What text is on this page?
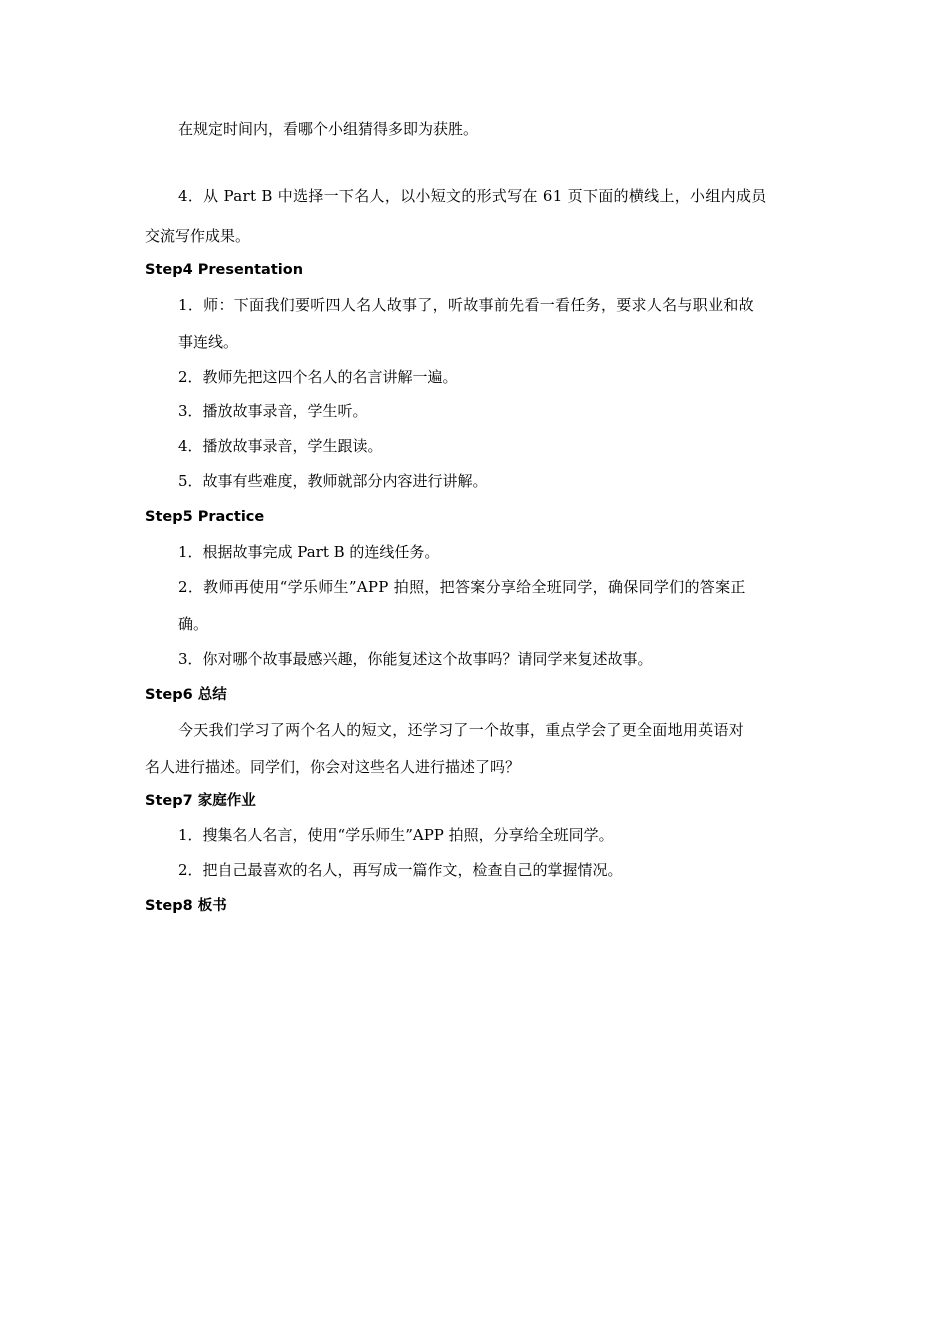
在规定时间内，看哪个小组猜得多即为获胜。
4．从 Part B 中选择一下名人，以小短文的形式写在 61 页下面的横线上，小组内成员
交流写作成果。
Step4 Presentation
1．师：下面我们要听四人名人故事了，听故事前先看一看任务，要求人名与职业和故
事连线。
2．教师先把这四个名人的名言讲解一遍。
3．播放故事录音，学生听。
4．播放故事录音，学生跟读。
5．故事有些难度，教师就部分内容进行讲解。
Step5 Practice
1．根据故事完成 Part B 的连线任务。
2．教师再使用“学乐师生”APP 拍照，把答案分享给全班同学，确保同学们的答案正
确。
3．你对哪个故事最感兴趣，你能复述这个故事吗？请同学来复述故事。
Step6 总结
今天我们学习了两个名人的短文，还学习了一个故事，重点学会了更全面地用英语对
名人进行描述。同学们，你会对这些名人进行描述了吗？
Step7 家庭作业
1．搜集名人名言，使用“学乐师生”APP 拍照，分享给全班同学。
2．把自己最喜欢的名人，再写成一篇作文，检查自己的掌握情况。
Step8 板书
